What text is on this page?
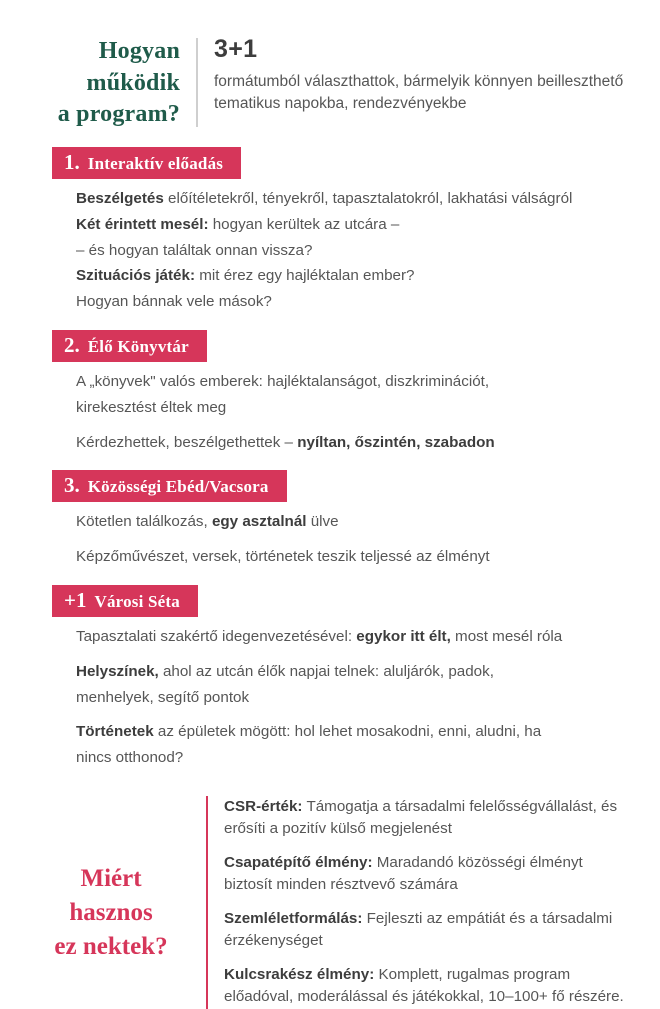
Hogyan
működik
a program?
3+1
formátumból választhattok, bármelyik könnyen beilleszthető tematikus napokba, rendezvényekbe
1. Interaktív előadás

Beszélgetés előítéletekről, tényekről, tapasztalatokról, lakhatási válságról

Két érintett mesél: hogyan kerültek az utcára –

– és hogyan találtak onnan vissza?

Szituációs játék: mit érez egy hajléktalan ember?

Hogyan bánnak vele mások?

2. Élő Könyvtár

A „könyvek" valós emberek: hajléktalanságot, diszkriminációt,

kirekesztést éltek meg

Kérdezhettek, beszélgethettek – nyíltan, őszintén, szabadon

3. Közösségi Ebéd/Vacsora

Kötetlen találkozás, egy asztalnál ülve

Képzőművészet, versek, történetek teszik teljessé az élményt

+1 Városi Séta

Tapasztalati szakértő idegenvezetésével: egykor itt élt, most mesél róla

Helyszínek, ahol az utcán élők napjai telnek: aluljárók, padok,

menhelyek, segítő pontok

Történetek az épületek mögött: hol lehet mosakodni, enni, aludni, ha

nincs otthonod?

Miért
hasznos
ez nektek?
CSR-érték: Támogatja a társadalmi felelősségvállalást, és erősíti a pozitív külső megjelenést
Csapatépítő élmény: Maradandó közösségi élményt biztosít minden résztvevő számára
Szemléletformálás: Fejleszti az empátiát és a társadalmi érzékenységet
Kulcsrakész élmény: Komplett, rugalmas program előadóval, moderálással és játékokkal, 10–100+ fő részére.
